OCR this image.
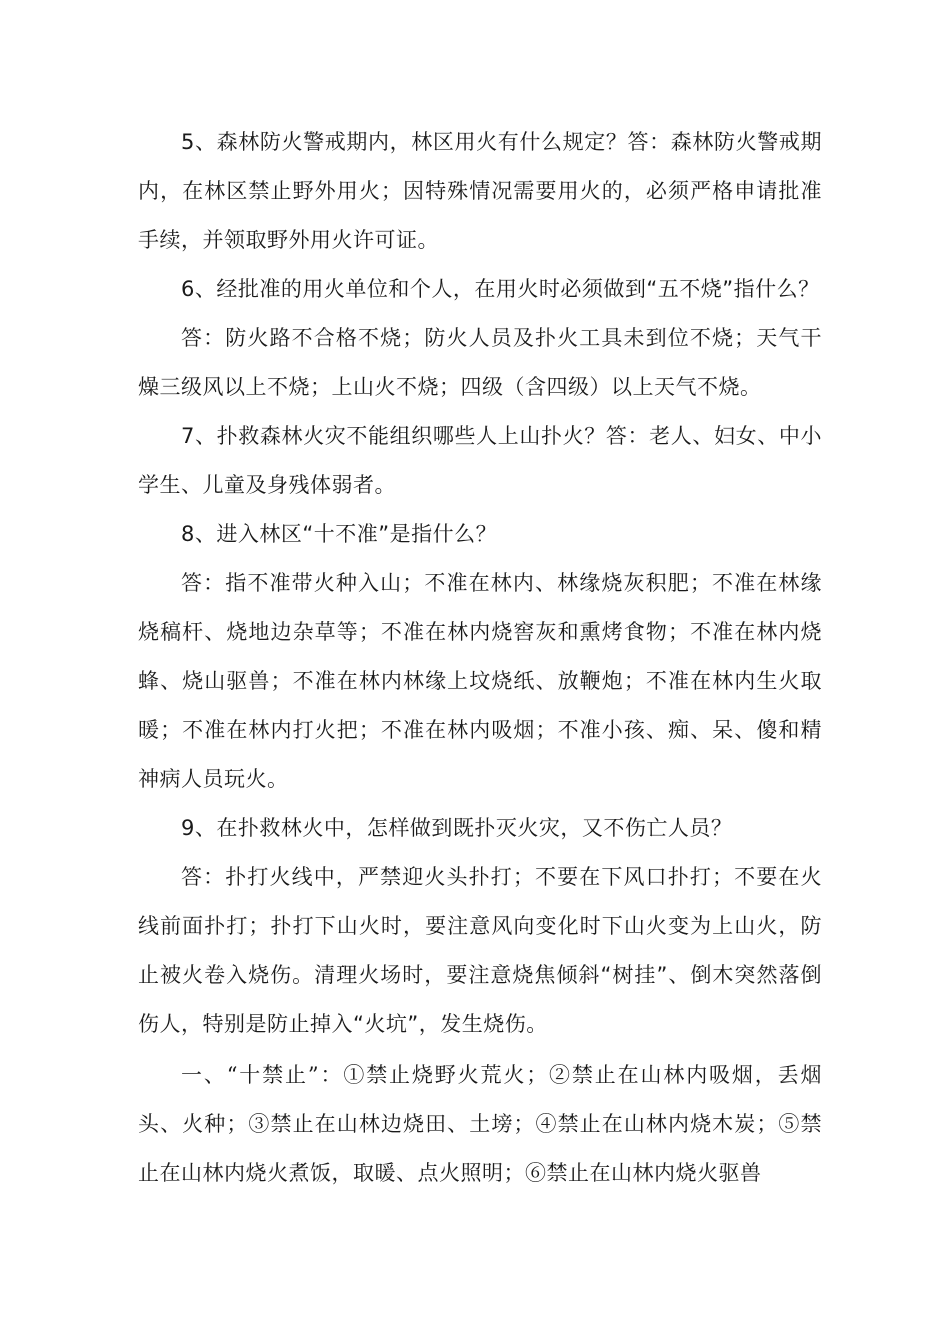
5、森林防火警戒期内，林区用火有什么规定？答：森林防火警戒期内，在林区禁止野外用火；因特殊情况需要用火的，必须严格申请批准手续，并领取野外用火许可证。

6、经批准的用火单位和个人，在用火时必须做到“五不烧”指什么？

答：防火路不合格不烧；防火人员及扑火工具未到位不烧；天气干燥三级风以上不烧；上山火不烧；四级（含四级）以上天气不烧。

7、扑救森林火灾不能组织哪些人上山扑火？答：老人、妇女、中小学生、儿童及身残体弱者。

8、进入林区“十不准”是指什么？

答：指不准带火种入山；不准在林内、林缘烧灰积肥；不准在林缘烧稿杆、烧地边杂草等；不准在林内烧窖灰和熏烤食物；不准在林内烧蜂、烧山驱兽；不准在林内林缘上坟烧纸、放鞭炮；不准在林内生火取暖；不准在林内打火把；不准在林内吸烟；不准小孩、痴、呆、傻和精神病人员玩火。

9、在扑救林火中，怎样做到既扑灭火灾，又不伤亡人员？

答：扑打火线中，严禁迎火头扑打；不要在下风口扑打；不要在火线前面扑打；扑打下山火时，要注意风向变化时下山火变为上山火，防止被火卷入烧伤。清理火场时，要注意烧焦倾斜“树挂”、倒木突然落倒伤人，特别是防止掉入“火坑”，发生烧伤。

一、“十禁止”：①禁止烧野火荒火；②禁止在山林内吸烟，丢烟头、火种；③禁止在山林边烧田、土塝；④禁止在山林内烧木炭；⑤禁止在山林内烧火煮饭，取暖、点火照明；⑥禁止在山林内烧火驱兽
